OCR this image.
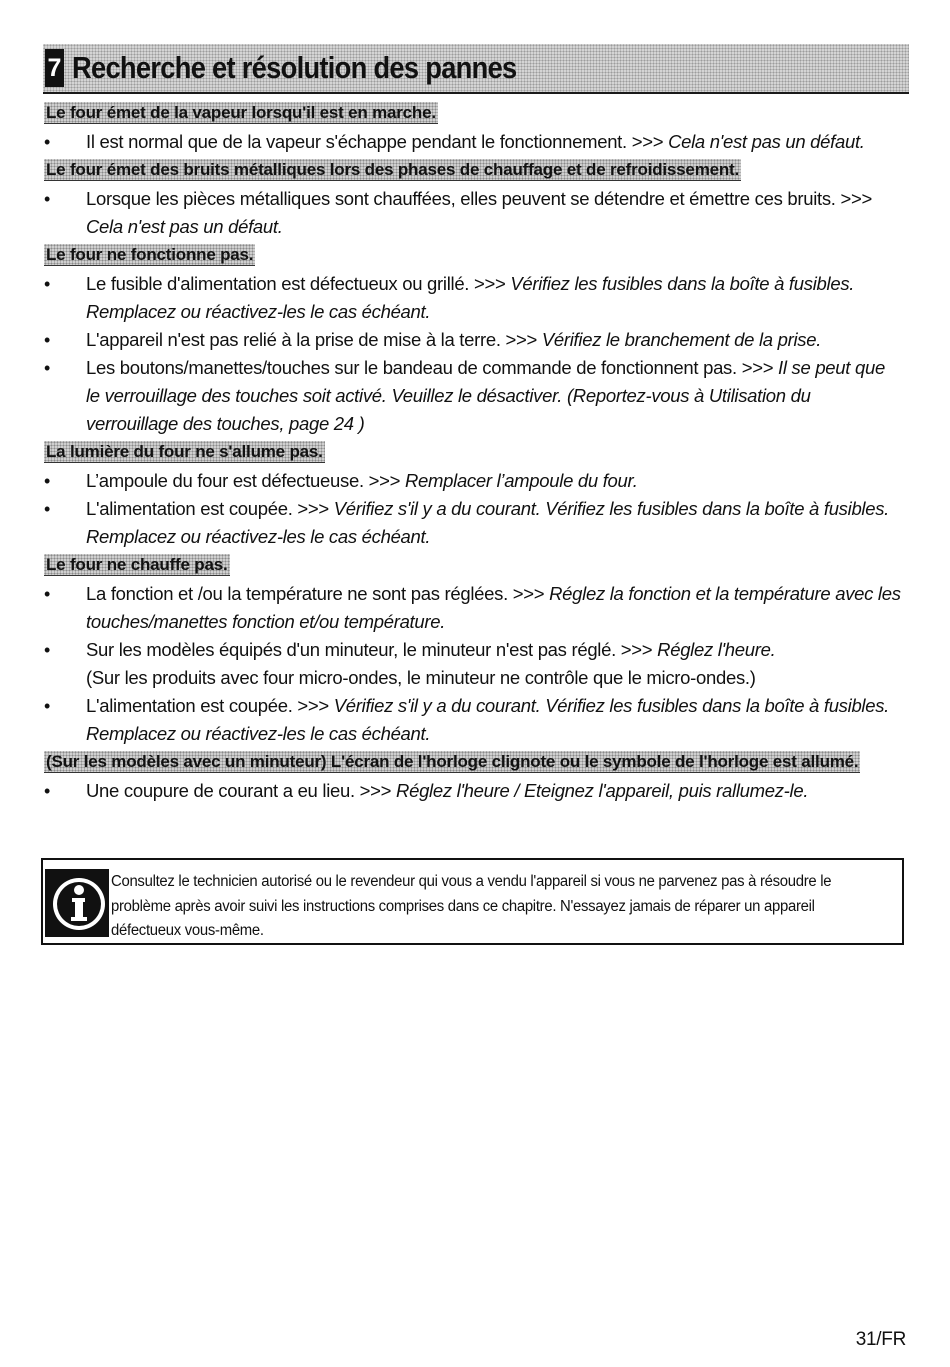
7 Recherche et résolution des pannes
Le four émet de la vapeur lorsqu'il est en marche.
•	Il est normal que de la vapeur s'échappe pendant le fonctionnement. >>> Cela n'est pas un défaut.
Le four émet des bruits métalliques lors des phases de chauffage et de refroidissement.
•	Lorsque les pièces métalliques sont chauffées, elles peuvent se détendre et émettre ces bruits. >>> Cela n'est pas un défaut.
Le four ne fonctionne pas.
•	Le fusible d'alimentation est défectueux ou grillé. >>> Vérifiez les fusibles dans la boîte à fusibles. Remplacez ou réactivez-les le cas échéant.
•	L'appareil n'est pas relié à la prise de mise à la terre. >>> Vérifiez le branchement de la prise.
•	Les boutons/manettes/touches sur le bandeau de commande de fonctionnent pas. >>> Il se peut que le verrouillage des touches soit activé. Veuillez le désactiver. (Reportez-vous à Utilisation du verrouillage des touches, page 24 )
La lumière du four ne s'allume pas.
•	L’ampoule du four est défectueuse. >>> Remplacer l’ampoule du four.
•	L'alimentation est coupée. >>> Vérifiez s'il y a du courant. Vérifiez les fusibles dans la boîte à fusibles. Remplacez ou réactivez-les le cas échéant.
Le four ne chauffe pas.
•	La fonction et /ou la température ne sont pas réglées. >>> Réglez la fonction et la température avec les touches/manettes fonction et/ou température.
•	Sur les modèles équipés d'un minuteur, le minuteur n'est pas réglé. >>> Réglez l'heure.
(Sur les produits avec four micro-ondes, le minuteur ne contrôle que le micro-ondes.)
•	L'alimentation est coupée. >>> Vérifiez s'il y a du courant. Vérifiez les fusibles dans la boîte à fusibles. Remplacez ou réactivez-les le cas échéant.
(Sur les modèles avec un minuteur) L'écran de l'horloge clignote ou le symbole de l'horloge est allumé.
•	Une coupure de courant a eu lieu. >>> Réglez l'heure / Eteignez l'appareil, puis rallumez-le.
Consultez le technicien autorisé ou le revendeur qui vous a vendu l'appareil si vous ne parvenez pas à résoudre le problème après avoir suivi les instructions comprises dans ce chapitre. N'essayez jamais de réparer un appareil défectueux vous-même.
31/FR
